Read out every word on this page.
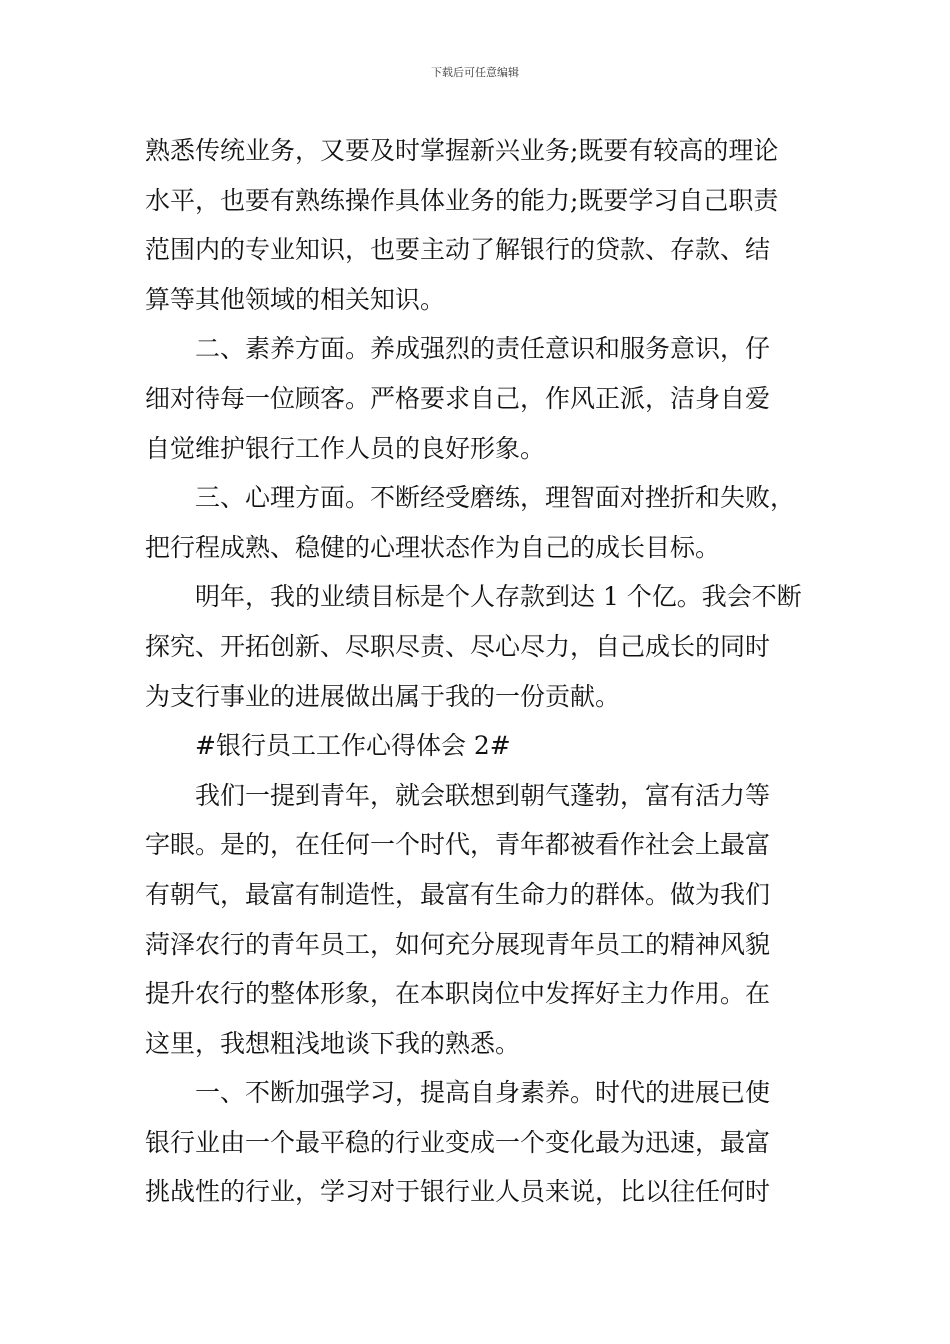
下载后可任意编辑
熟悉传统业务，又要及时掌握新兴业务;既要有较高的理论
水平，也要有熟练操作具体业务的能力;既要学习自己职责
范围内的专业知识，也要主动了解银行的贷款、存款、结
算等其他领域的相关知识。
二、素养方面。养成强烈的责任意识和服务意识，仔
细对待每一位顾客。严格要求自己，作风正派，洁身自爱
自觉维护银行工作人员的良好形象。
三、心理方面。不断经受磨练，理智面对挫折和失败，
把行程成熟、稳健的心理状态作为自己的成长目标。
明年，我的业绩目标是个人存款到达 1 个亿。我会不断
探究、开拓创新、尽职尽责、尽心尽力，自己成长的同时
为支行事业的进展做出属于我的一份贡献。
#银行员工工作心得体会 2#
我们一提到青年，就会联想到朝气蓬勃，富有活力等
字眼。是的，在任何一个时代，青年都被看作社会上最富
有朝气，最富有制造性，最富有生命力的群体。做为我们
菏泽农行的青年员工，如何充分展现青年员工的精神风貌
提升农行的整体形象，在本职岗位中发挥好主力作用。在
这里，我想粗浅地谈下我的熟悉。
一、不断加强学习，提高自身素养。时代的进展已使
银行业由一个最平稳的行业变成一个变化最为迅速，最富
挑战性的行业，学习对于银行业人员来说，比以往任何时
